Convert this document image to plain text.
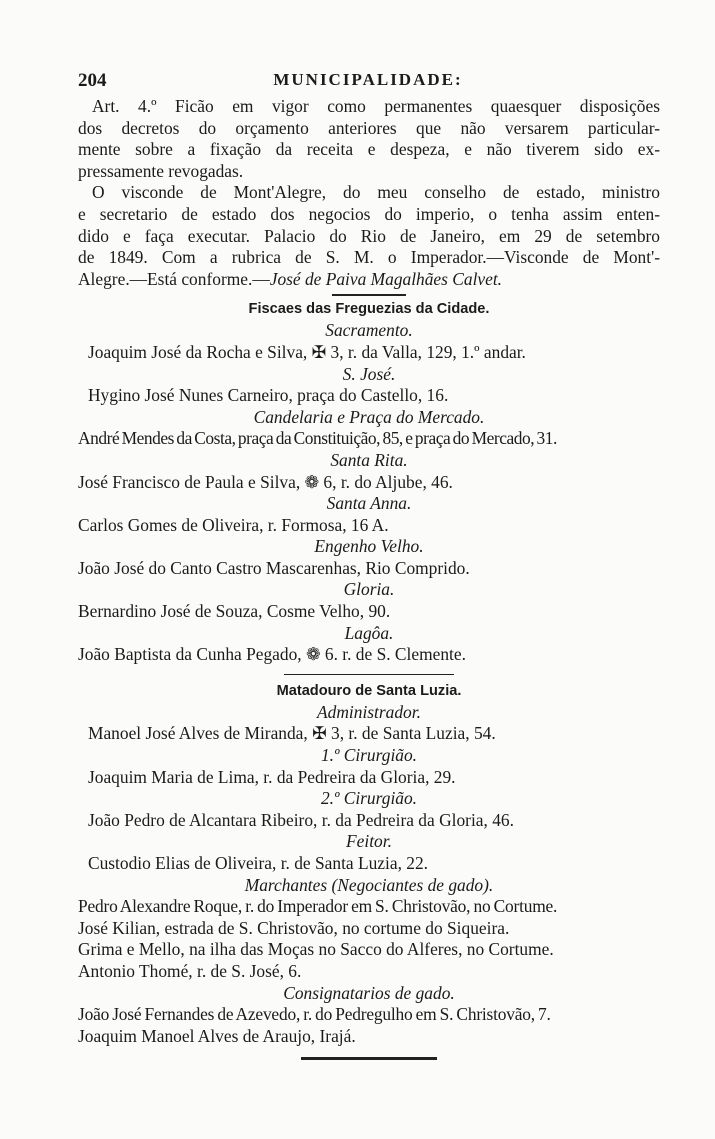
204	MUNICIPALIDADE:
Art. 4.º Ficão em vigor como permanentes quaesquer disposições
dos decretos do orçamento anteriores que não versarem particular-
mente sobre a fixação da receita e despeza, e não tiverem sido ex-
pressamente revogadas.
O visconde de Mont'Alegre, do meu conselho de estado, ministro
e secretario de estado dos negocios do imperio, o tenha assim enten-
dido e faça executar. Palacio do Rio de Janeiro, em 29 de setembro
de 1849. Com a rubrica de S. M. o Imperador.—Visconde de Mont'-
Alegre.—Está conforme.—José de Paiva Magalhães Calvet.
Fiscaes das Freguezias da Cidade.
Sacramento.
Joaquim José da Rocha e Silva, ✠ 3, r. da Valla, 129, 1.º andar.
S. José.
Hygino José Nunes Carneiro, praça do Castello, 16.
Candelaria e Praça do Mercado.
André Mendes da Costa, praça da Constituição, 85, e praça do Mercado, 31.
Santa Rita.
José Francisco de Paula e Silva, ❁ 6, r. do Aljube, 46.
Santa Anna.
Carlos Gomes de Oliveira, r. Formosa, 16 A.
Engenho Velho.
João José do Canto Castro Mascarenhas, Rio Comprido.
Gloria.
Bernardino José de Souza, Cosme Velho, 90.
Lagôa.
João Baptista da Cunha Pegado, ❁ 6. r. de S. Clemente.
Matadouro de Santa Luzia.
Administrador.
Manoel José Alves de Miranda, ✠ 3, r. de Santa Luzia, 54.
1.º Cirurgião.
Joaquim Maria de Lima, r. da Pedreira da Gloria, 29.
2.º Cirurgião.
João Pedro de Alcantara Ribeiro, r. da Pedreira da Gloria, 46.
Feitor.
Custodio Elias de Oliveira, r. de Santa Luzia, 22.
Marchantes (Negociantes de gado).
Pedro Alexandre Roque, r. do Imperador em S. Christovão, no Cortume.
José Kilian, estrada de S. Christovão, no cortume do Siqueira.
Grima e Mello, na ilha das Moças no Sacco do Alferes, no Cortume.
Antonio Thomé, r. de S. José, 6.
Consignatarios de gado.
João José Fernandes de Azevedo, r. do Pedregulho em S. Christovão, 7.
Joaquim Manoel Alves de Araujo, Irajá.
